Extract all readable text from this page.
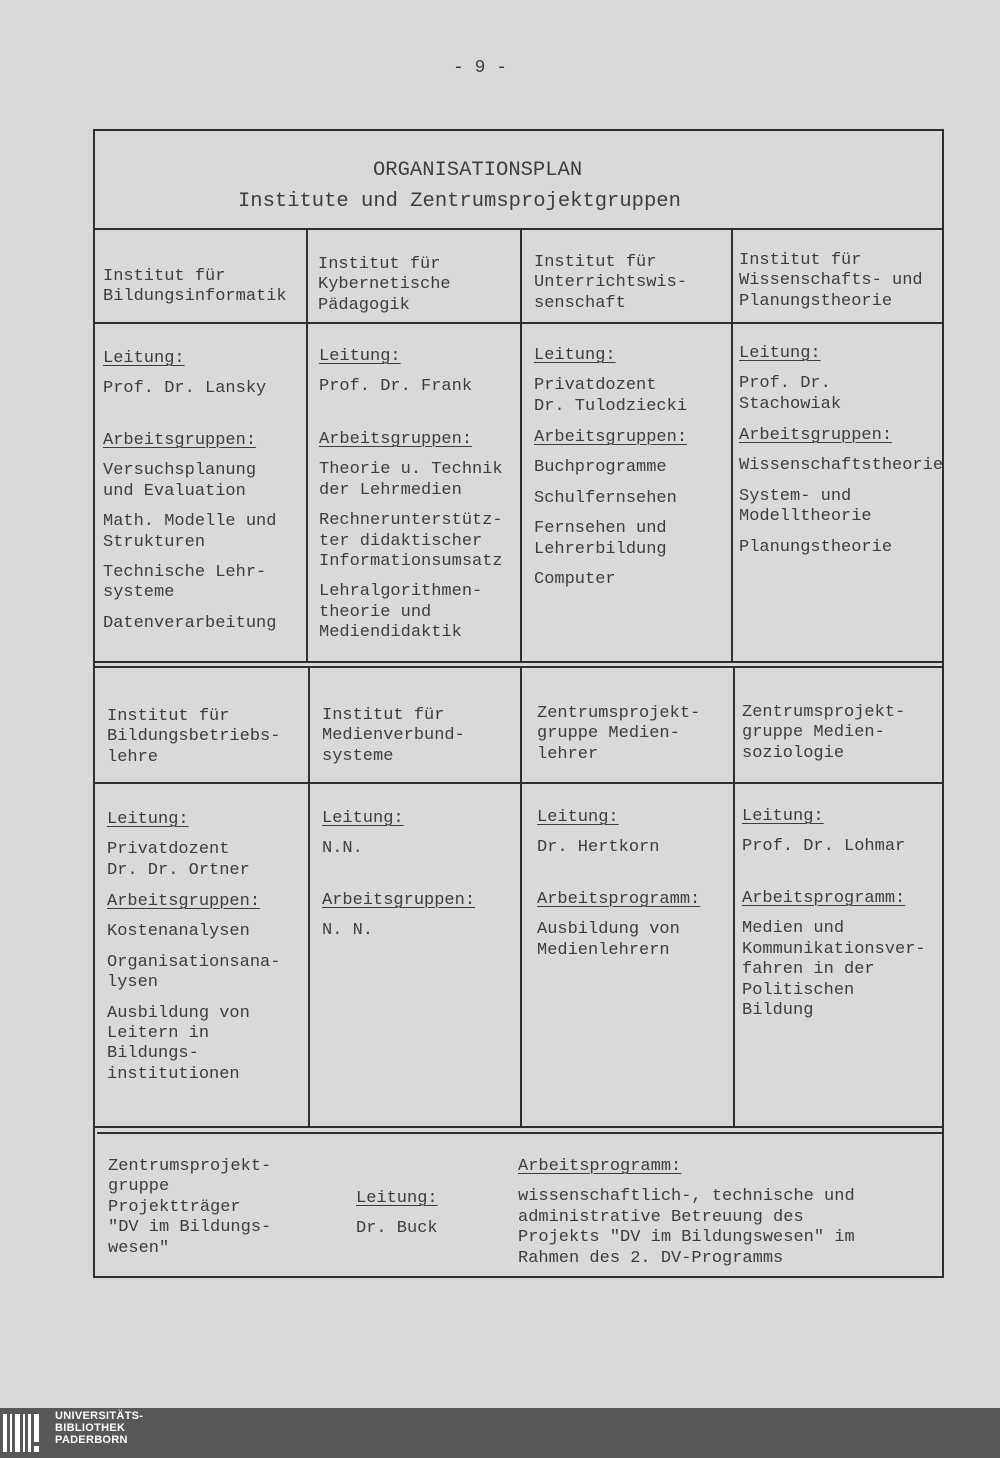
- 9 -
ORGANISATIONSPLAN
Institute und Zentrumsprojektgruppen
Institut für
Bildungsinformatik
Leitung:
Prof. Dr. Lansky
Arbeitsgruppen:
Versuchsplanung
und Evaluation
Math. Modelle und
Strukturen
Technische Lehr-
systeme
Datenverarbeitung
Institut für
Kybernetische
Pädagogik
Leitung:
Prof. Dr. Frank
Arbeitsgruppen:
Theorie u. Technik
der Lehrmedien
Rechnerunterstütz-
ter didaktischer
Informationsumsatz
Lehralgorithmen-
theorie und
Mediendidaktik
Institut für
Unterrichtswis-
senschaft
Leitung:
Privatdozent
Dr. Tulodziecki
Arbeitsgruppen:
Buchprogramme
Schulfernsehen
Fernsehen und
Lehrerbildung
Computer
Institut für
Wissenschafts- und
Planungstheorie
Leitung:
Prof. Dr.
Stachowiak
Arbeitsgruppen:
Wissenschaftstheorie
System- und
Modelltheorie
Planungstheorie
Institut für
Bildungsbetriebs-
lehre
Leitung:
Privatdozent
Dr. Dr. Ortner
Arbeitsgruppen:
Kostenanalysen
Organisationsana-
lysen
Ausbildung von
Leitern in
Bildungs-
institutionen
Institut für
Medienverbund-
systeme
Leitung:
N.N.
Arbeitsgruppen:
N. N.
Zentrumsprojekt-
gruppe Medien-
lehrer
Leitung:
Dr. Hertkorn
Arbeitsprogramm:
Ausbildung von
Medienlehrern
Zentrumsprojekt-
gruppe Medien-
soziologie
Leitung:
Prof. Dr. Lohmar
Arbeitsprogramm:
Medien und
Kommunikationsver-
fahren in der
Politischen
Bildung
Zentrumsprojekt-
gruppe
Projektträger
"DV im Bildungs-
wesen"
Leitung:
Dr. Buck
Arbeitsprogramm:
wissenschaftlich-, technische und
administrative Betreuung des
Projekts "DV im Bildungswesen" im
Rahmen des 2. DV-Programms
UNIVERSITÄTS-
BIBLIOTHEK
PADERBORN
